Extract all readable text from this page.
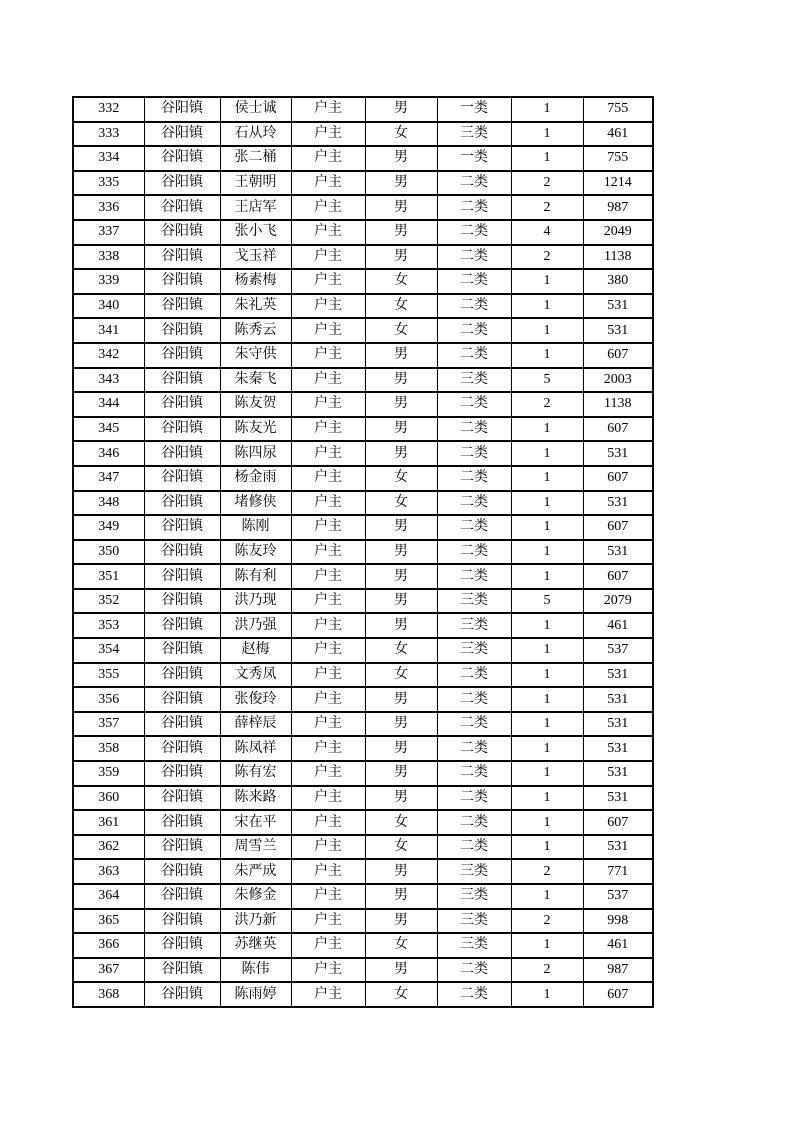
332	谷阳镇	侯士诚	户主	男	一类	1	755
333	谷阳镇	石从玲	户主	女	三类	1	461
334	谷阳镇	张二桶	户主	男	一类	1	755
335	谷阳镇	王朝明	户主	男	二类	2	1214
336	谷阳镇	王店军	户主	男	二类	2	987
337	谷阳镇	张小飞	户主	男	二类	4	2049
338	谷阳镇	戈玉祥	户主	男	二类	2	1138
339	谷阳镇	杨素梅	户主	女	二类	1	380
340	谷阳镇	朱礼英	户主	女	二类	1	531
341	谷阳镇	陈秀云	户主	女	二类	1	531
342	谷阳镇	朱守供	户主	男	二类	1	607
343	谷阳镇	朱秦飞	户主	男	三类	5	2003
344	谷阳镇	陈友贺	户主	男	二类	2	1138
345	谷阳镇	陈友光	户主	男	二类	1	607
346	谷阳镇	陈四尿	户主	男	二类	1	531
347	谷阳镇	杨金雨	户主	女	二类	1	607
348	谷阳镇	堵修侠	户主	女	二类	1	531
349	谷阳镇	陈刚	户主	男	二类	1	607
350	谷阳镇	陈友玲	户主	男	二类	1	531
351	谷阳镇	陈有利	户主	男	二类	1	607
352	谷阳镇	洪乃现	户主	男	三类	5	2079
353	谷阳镇	洪乃强	户主	男	三类	1	461
354	谷阳镇	赵梅	户主	女	三类	1	537
355	谷阳镇	文秀凤	户主	女	二类	1	531
356	谷阳镇	张俊玲	户主	男	二类	1	531
357	谷阳镇	薛梓辰	户主	男	二类	1	531
358	谷阳镇	陈凤祥	户主	男	二类	1	531
359	谷阳镇	陈有宏	户主	男	二类	1	531
360	谷阳镇	陈来路	户主	男	二类	1	531
361	谷阳镇	宋在平	户主	女	二类	1	607
362	谷阳镇	周雪兰	户主	女	二类	1	531
363	谷阳镇	朱严成	户主	男	三类	2	771
364	谷阳镇	朱修金	户主	男	三类	1	537
365	谷阳镇	洪乃新	户主	男	三类	2	998
366	谷阳镇	苏继英	户主	女	三类	1	461
367	谷阳镇	陈伟	户主	男	二类	2	987
368	谷阳镇	陈雨婷	户主	女	二类	1	607
